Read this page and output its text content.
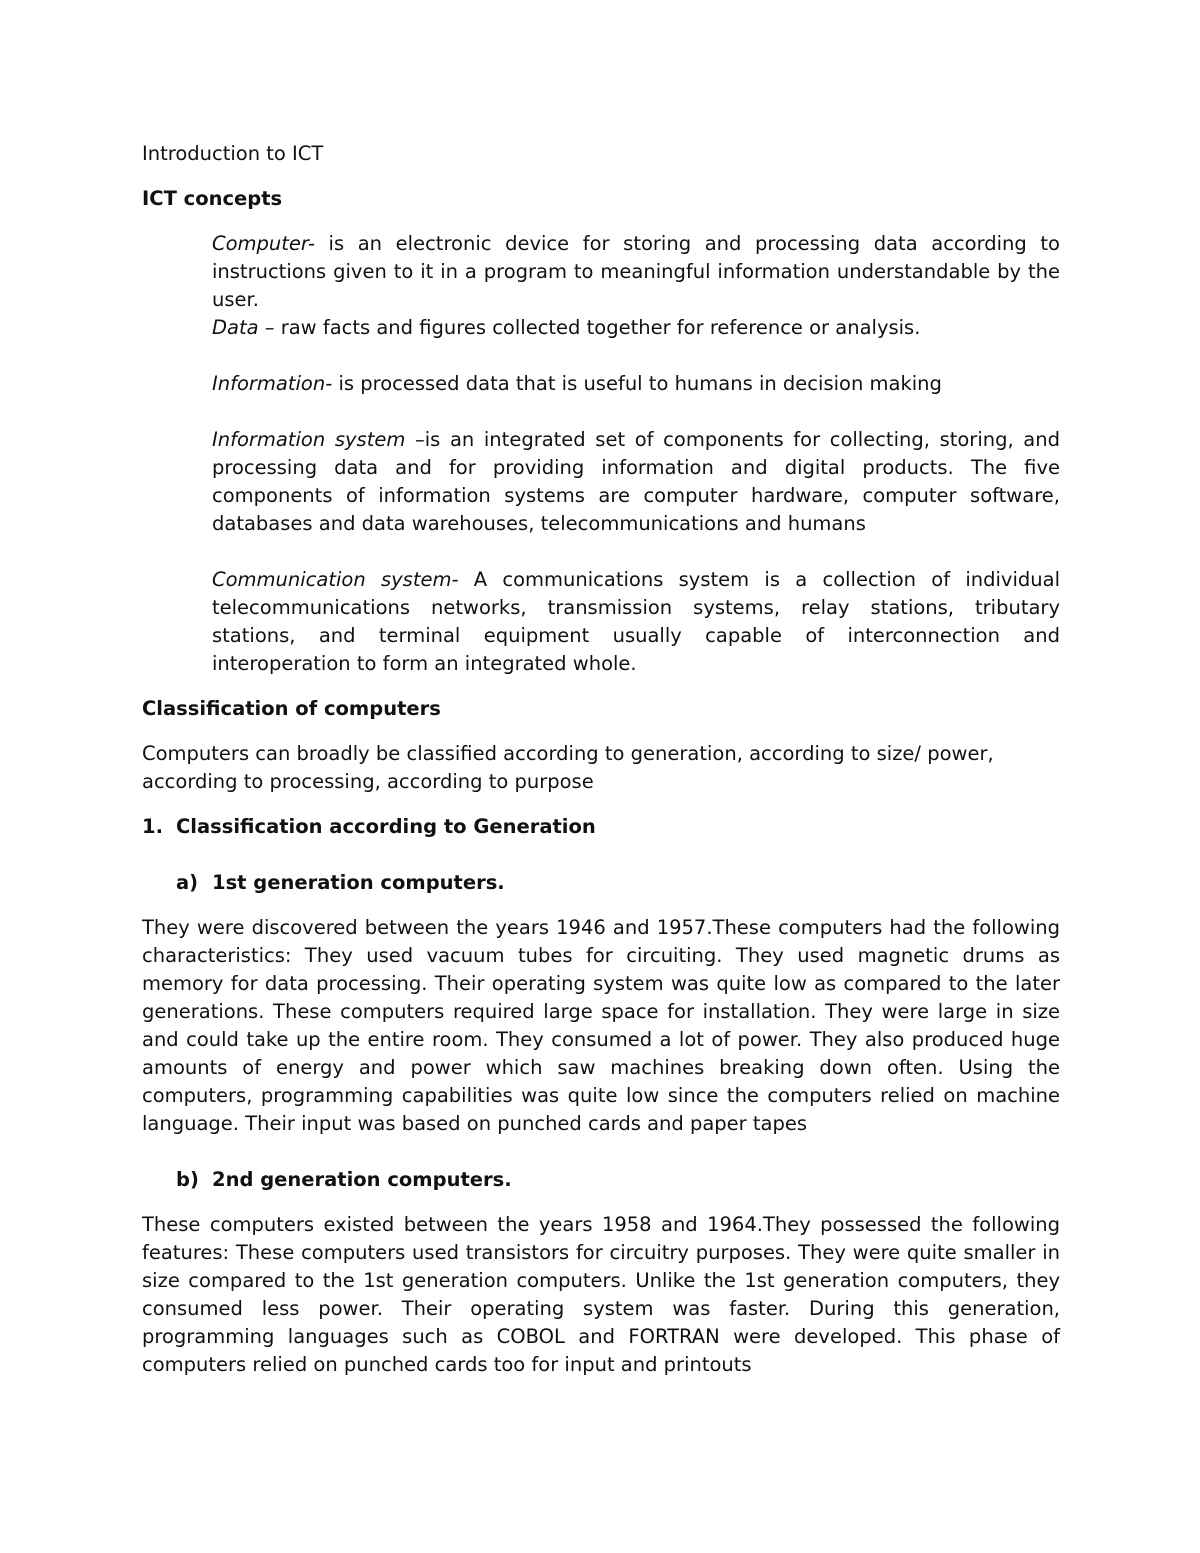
Introduction to ICT

ICT concepts

Computer- is an electronic device for storing and processing data according to instructions given to it in a program to meaningful information understandable by the user.

Data – raw facts and figures collected together for reference or analysis.

Information- is processed data that is useful to humans in decision making

Information system –is an integrated set of components for collecting, storing, and processing data and for providing information and digital products. The five components of information systems are computer hardware, computer software, databases and data warehouses, telecommunications and humans

Communication system- A communications system is a collection of individual telecommunications networks, transmission systems, relay stations, tributary stations, and terminal equipment usually capable of interconnection and interoperation to form an integrated whole.

Classification of computers

Computers can broadly be classified according to generation, according to size/ power, according to processing, according to purpose

1. Classification according to Generation
a) 1st generation computers.

They were discovered between the years 1946 and 1957.These computers had the following characteristics: They used vacuum tubes for circuiting. They used magnetic drums as memory for data processing. Their operating system was quite low as compared to the later generations. These computers required large space for installation. They were large in size and could take up the entire room. They consumed a lot of power. They also produced huge amounts of energy and power which saw machines breaking down often. Using the computers, programming capabilities was quite low since the computers relied on machine language. Their input was based on punched cards and paper tapes

b) 2nd generation computers.

These computers existed between the years 1958 and 1964.They possessed the following features: These computers used transistors for circuitry purposes. They were quite smaller in size compared to the 1st generation computers. Unlike the 1st generation computers, they consumed less power. Their operating system was faster. During this generation, programming languages such as COBOL and FORTRAN were developed. This phase of computers relied on punched cards too for input and printouts
